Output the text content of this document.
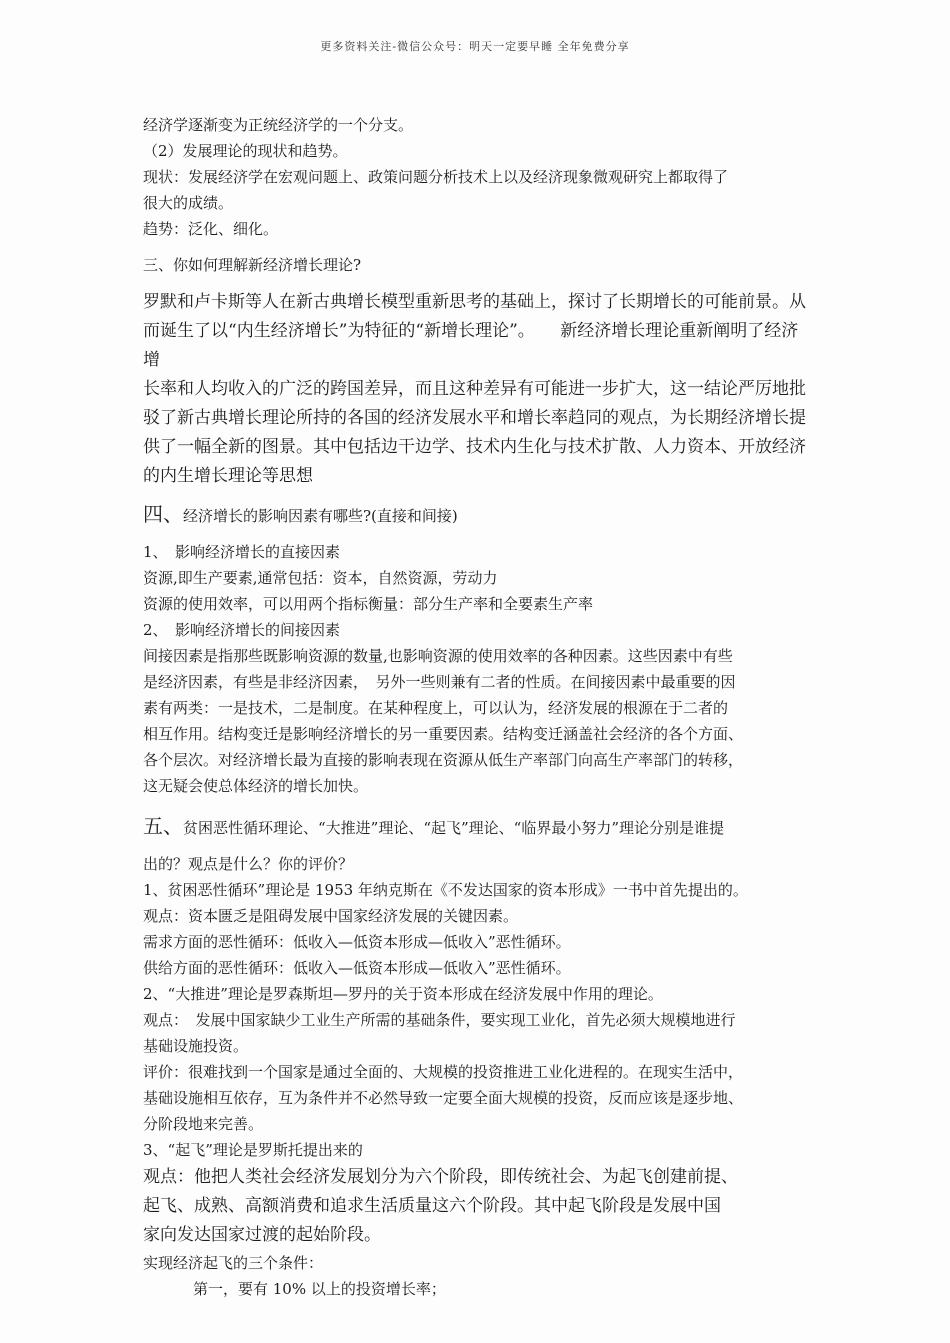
更多资料关注-微信公众号：明天一定要早睡 全年免费分享

经济学逐渐变为正统经济学的一个分支。

（2）发展理论的现状和趋势。

现状：发展经济学在宏观问题上、政策问题分析技术上以及经济现象微观研究上都取得了

很大的成绩。

趋势：泛化、细化。

三、你如何理解新经济增长理论?

罗默和卢卡斯等人在新古典增长模型重新思考的基础上，探讨了长期增长的可能前景。从

而诞生了以“内生经济增长”为特征的“新增长理论”。　　新经济增长理论重新阐明了经济增

长率和人均收入的广泛的跨国差异，而且这种差异有可能进一步扩大，这一结论严厉地批

驳了新古典增长理论所持的各国的经济发展水平和增长率趋同的观点，为长期经济增长提

供了一幅全新的图景。其中包括边干边学、技术内生化与技术扩散、人力资本、开放经济

的内生增长理论等思想

四、经济增长的影响因素有哪些?(直接和间接)

1、　影响经济增长的直接因素

资源,即生产要素,通常包括：资本，自然资源，劳动力

资源的使用效率，可以用两个指标衡量：部分生产率和全要素生产率

2、　影响经济增长的间接因素

间接因素是指那些既影响资源的数量,也影响资源的使用效率的各种因素。这些因素中有些

是经济因素，有些是非经济因素，　另外一些则兼有二者的性质。在间接因素中最重要的因

素有两类：一是技术，二是制度。在某种程度上，可以认为，经济发展的根源在于二者的

相互作用。结构变迁是影响经济增长的另一重要因素。结构变迁涵盖社会经济的各个方面、

各个层次。对经济增长最为直接的影响表现在资源从低生产率部门向高生产率部门的转移，

这无疑会使总体经济的增长加快。

五、贫困恶性循环理论、“大推进”理论、“起飞”理论、“临界最小努力”理论分别是谁提

出的？观点是什么？你的评价？

1、贫困恶性循环”理论是 1953 年纳克斯在《不发达国家的资本形成》一书中首先提出的。

观点：资本匮乏是阻碍发展中国家经济发展的关键因素。

需求方面的恶性循环：低收入—低资本形成—低收入”恶性循环。

供给方面的恶性循环：低收入—低资本形成—低收入”恶性循环。

2、“大推进”理论是罗森斯坦—罗丹的关于资本形成在经济发展中作用的理论。

观点：　发展中国家缺少工业生产所需的基础条件，要实现工业化，首先必须大规模地进行

基础设施投资。

评价：很难找到一个国家是通过全面的、大规模的投资推进工业化进程的。在现实生活中，

基础设施相互依存，互为条件并不必然导致一定要全面大规模的投资，反而应该是逐步地、

分阶段地来完善。

3、“起飞”理论是罗斯托提出来的

观点：他把人类社会经济发展划分为六个阶段，即传统社会、为起飞创建前提、

起飞、成熟、高额消费和追求生活质量这六个阶段。其中起飞阶段是发展中国

家向发达国家过渡的起始阶段。

实现经济起飞的三个条件：

第一，要有 10% 以上的投资增长率；
